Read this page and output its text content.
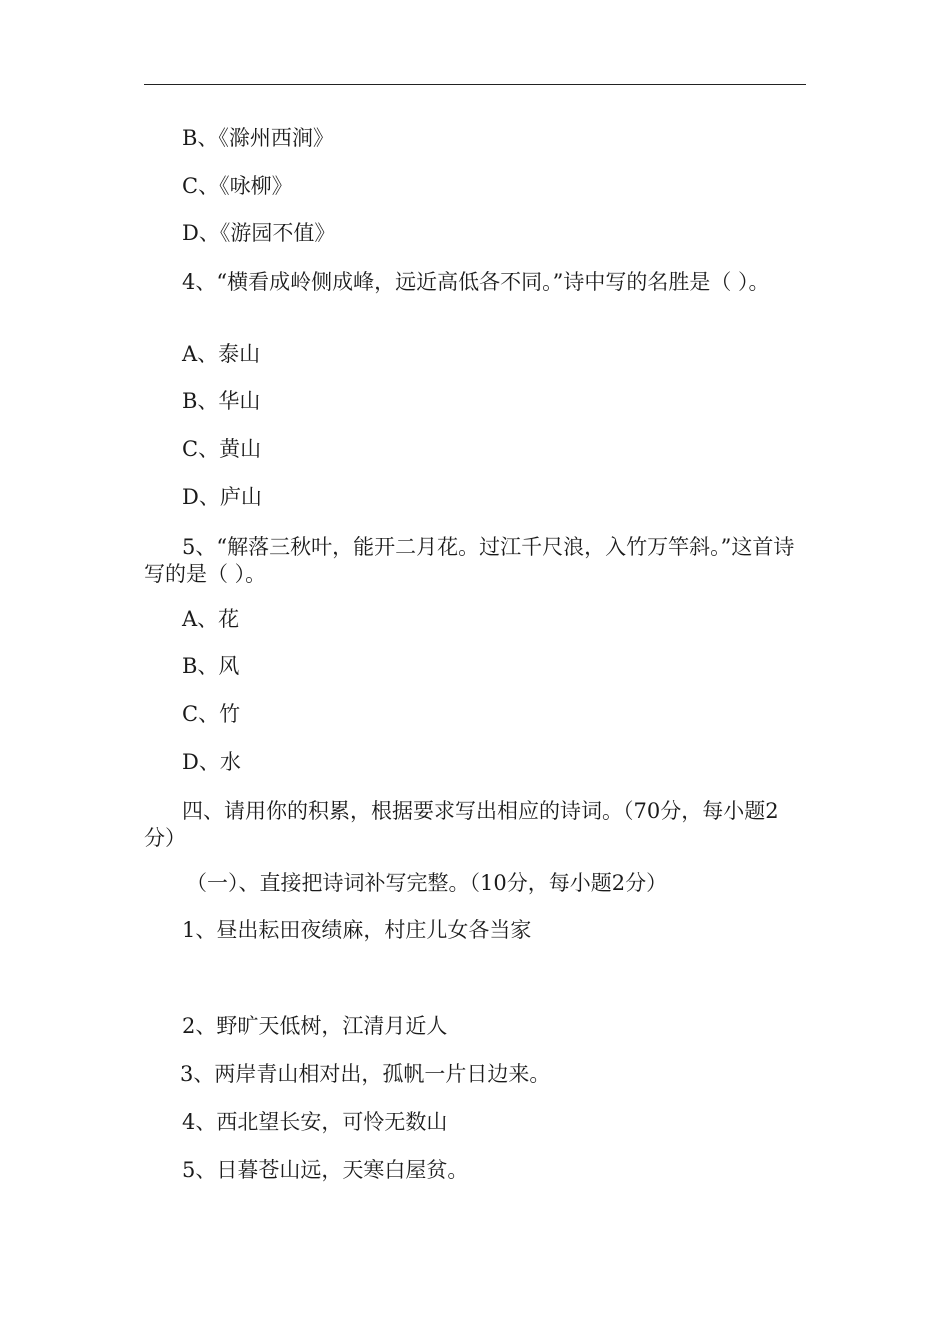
B、《滁州西涧》
C、《咏柳》
D、《游园不值》
4、“横看成岭侧成峰，远近高低各不同。”诗中写的名胜是（ ）。
A、泰山
B、华山
C、黄山
D、庐山
5、“解落三秋叶，能开二月花。过江千尺浪，入竹万竿斜。”这首诗写的是（ ）。
A、花
B、风
C、竹
D、水
四、请用你的积累，根据要求写出相应的诗词。（70分，每小题2分）
（一）、直接把诗词补写完整。（10分，每小题2分）
1、昼出耘田夜绩麻，村庄儿女各当家
2、野旷天低树，江清月近人
3、两岸青山相对出，孤帆一片日边来。
4、西北望长安，可怜无数山
5、日暮苍山远，天寒白屋贫。
